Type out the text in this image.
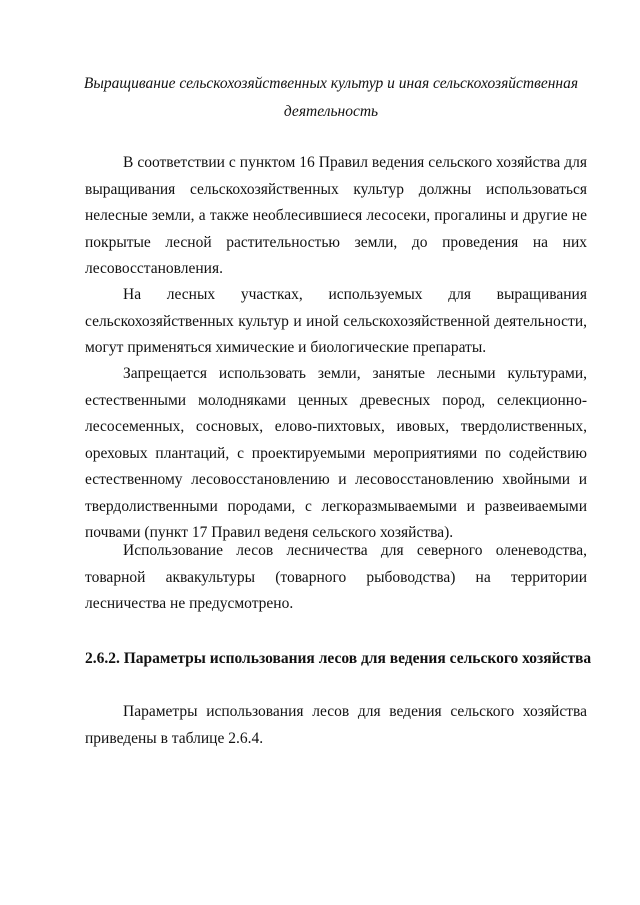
Выращивание сельскохозяйственных культур и иная сельскохозяйственная деятельность

В соответствии с пунктом 16 Правил ведения сельского хозяйства для выращивания сельскохозяйственных культур должны использоваться нелесные земли, а также необлесившиеся лесосеки, прогалины и другие не покрытые лесной растительностью земли, до проведения на них лесовосстановления.

На лесных участках, используемых для выращивания сельскохозяйственных культур и иной сельскохозяйственной деятельности, могут применяться химические и биологические препараты.

Запрещается использовать земли, занятые лесными культурами, естественными молодняками ценных древесных пород, селекционно-лесосеменных, сосновых, елово-пихтовых, ивовых, твердолиственных, ореховых плантаций, с проектируемыми мероприятиями по содействию естественному лесовосстановлению и лесовосстановлению хвойными и твердолиственными породами, с легкоразмываемыми и развеиваемыми почвами (пункт 17 Правил веденя сельского хозяйства).

Использование лесов лесничества для северного оленеводства, товарной аквакультуры (товарного рыбоводства) на территории лесничества не предусмотрено.

2.6.2. Параметры использования лесов для ведения сельского хозяйства

Параметры использования лесов для ведения сельского хозяйства приведены в таблице 2.6.4.
